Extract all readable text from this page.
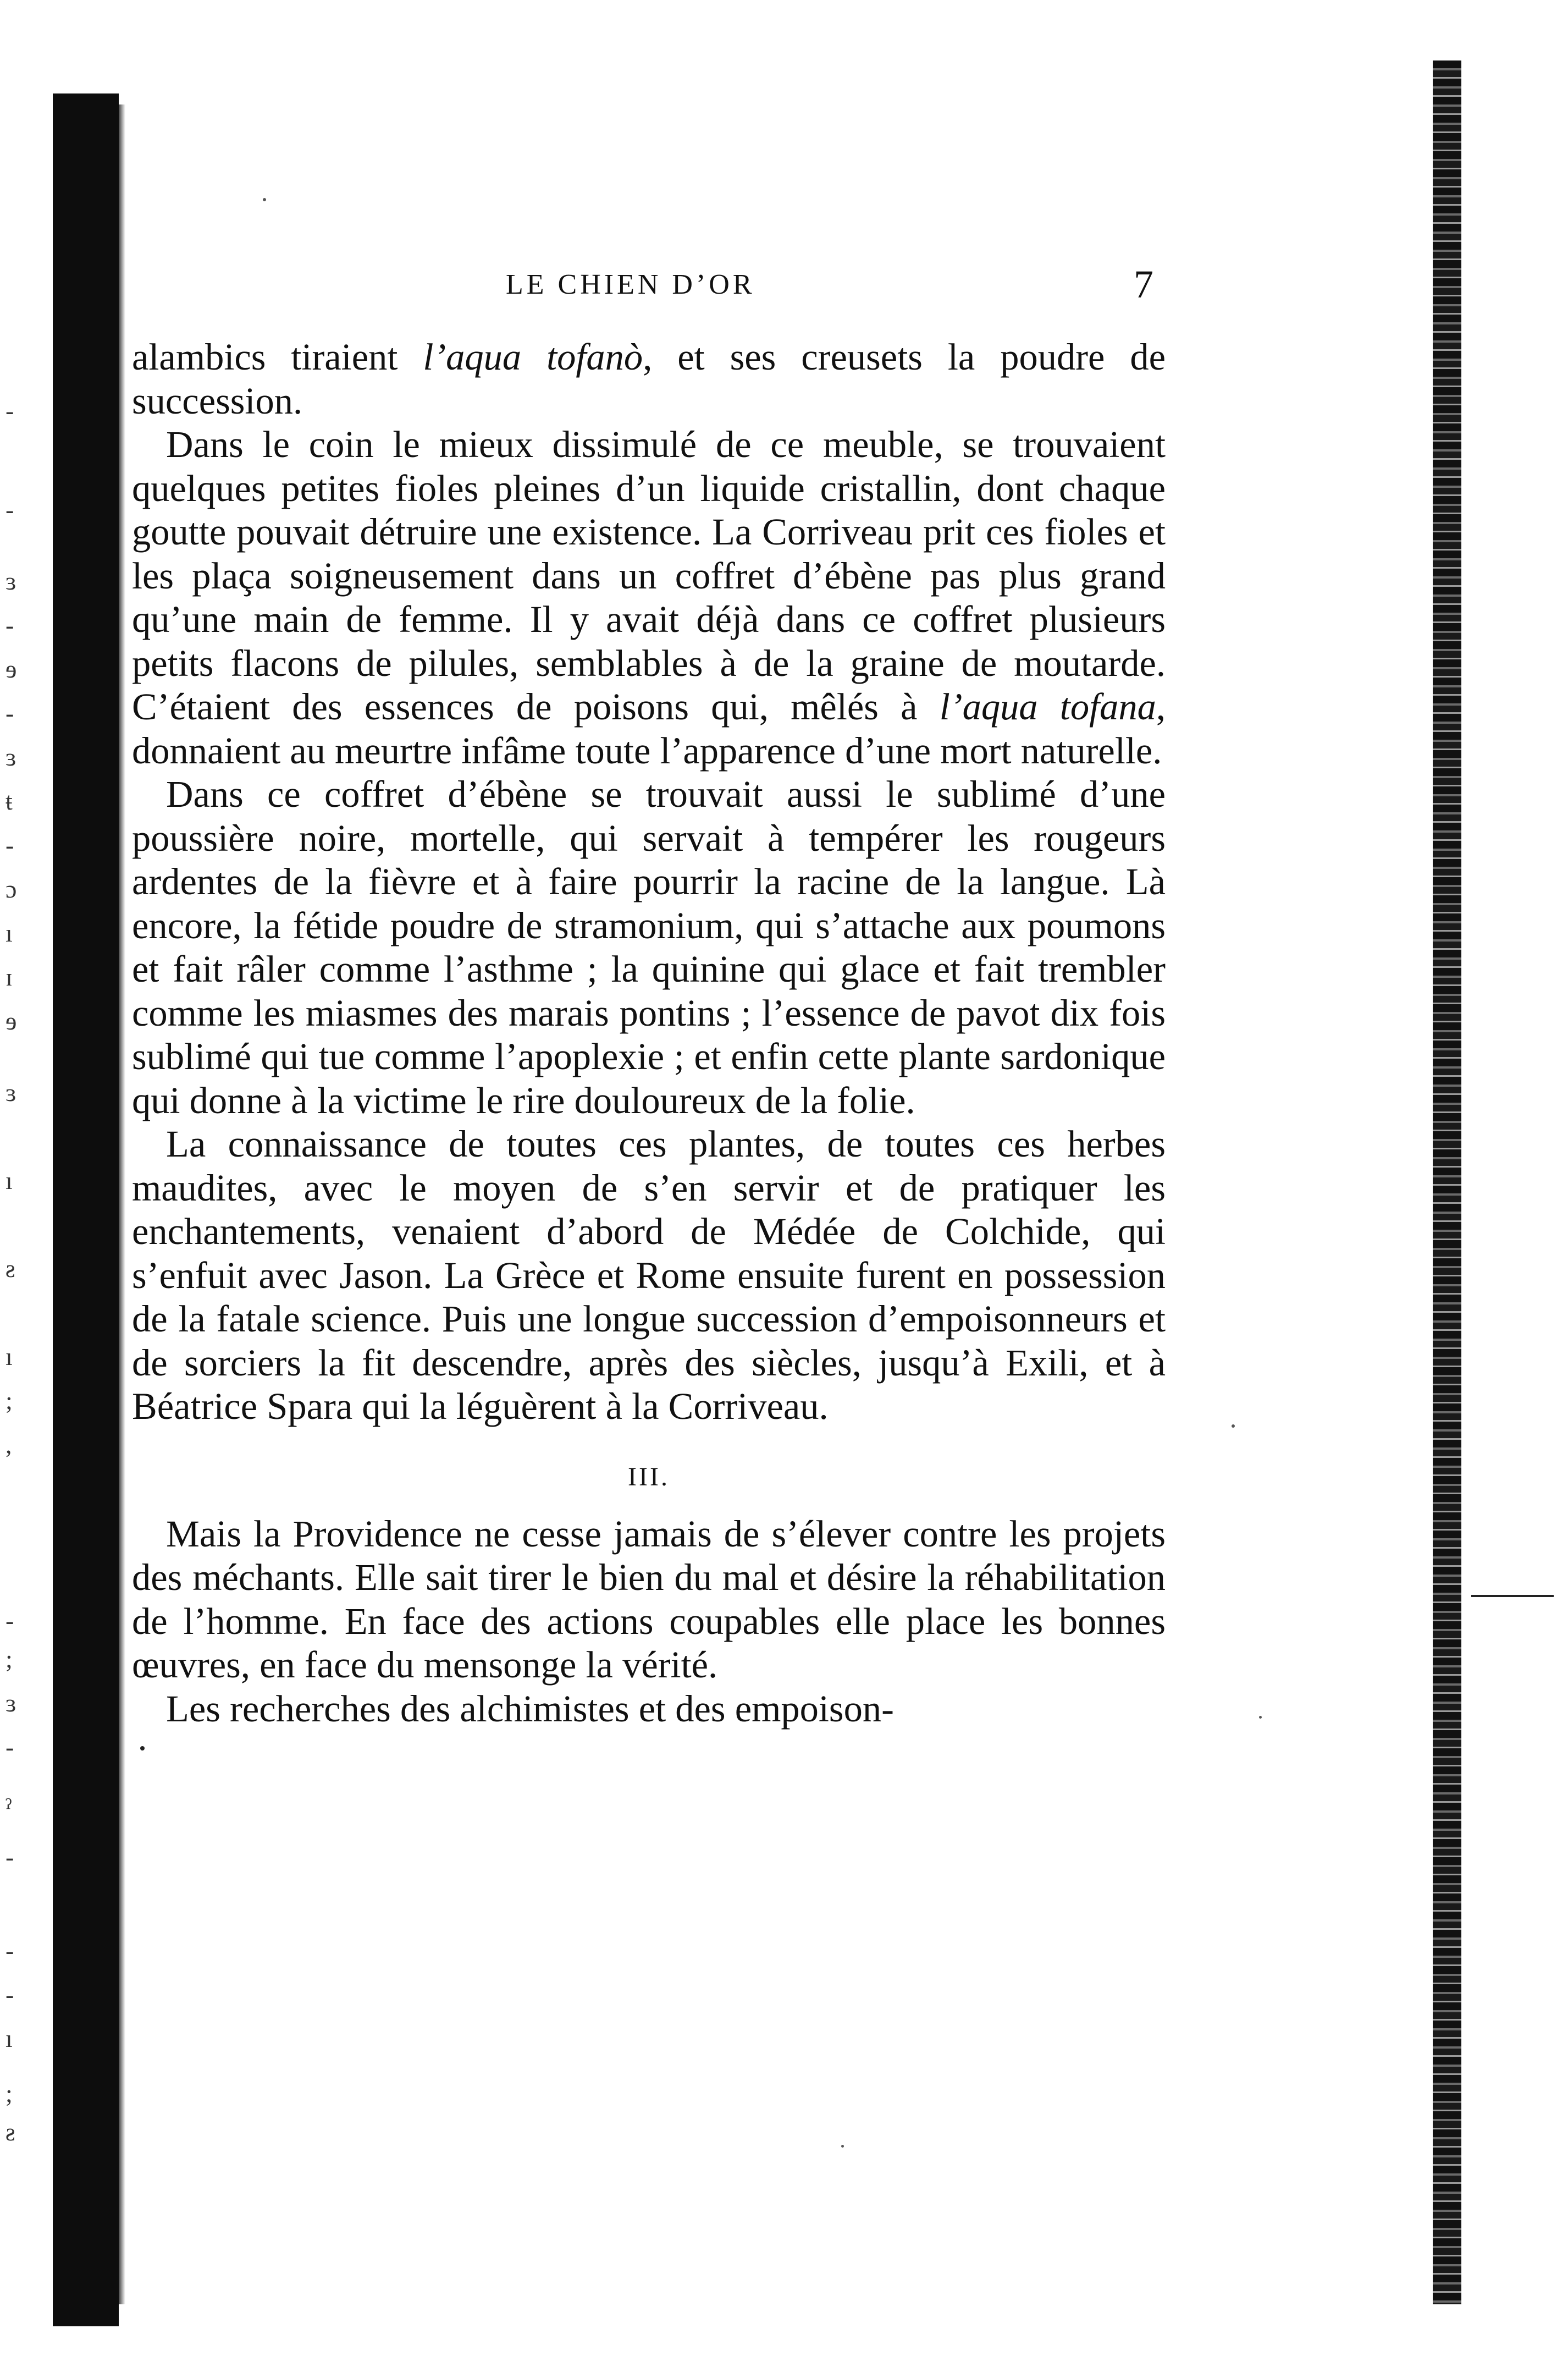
-
-
ɜ
-
ɘ
-
ɜ
ŧ
-
ɔ
ı
ɪ
ɘ
ɜ
ı
ƨ
ı
;
,
-
;
ɜ
-
ˀ
-
-
-
ı
;
ƨ
LE CHIEN D’OR	7

alambics tiraient l’aqua tofanò, et ses creusets la poudre de succession.

Dans le coin le mieux dissimulé de ce meuble, se trouvaient quelques petites fioles pleines d’un liquide cristallin, dont chaque goutte pouvait détruire une existence. La Corriveau prit ces fioles et les plaça soigneusement dans un coffret d’ébène pas plus grand qu’une main de femme. Il y avait déjà dans ce coffret plusieurs petits flacons de pilules, semblables à de la graine de moutarde. C’étaient des essences de poisons qui, mêlés à l’aqua tofana, donnaient au meurtre infâme toute l’apparence d’une mort naturelle.

Dans ce coffret d’ébène se trouvait aussi le sublimé d’une poussière noire, mortelle, qui servait à tempérer les rougeurs ardentes de la fièvre et à faire pourrir la racine de la langue. Là encore, la fétide poudre de stramonium, qui s’attache aux poumons et fait râler comme l’asthme ; la quinine qui glace et fait trembler comme les miasmes des marais pontins ; l’essence de pavot dix fois sublimé qui tue comme l’apoplexie ; et enfin cette plante sardonique qui donne à la victime le rire douloureux de la folie.

La connaissance de toutes ces plantes, de toutes ces herbes maudites, avec le moyen de s’en servir et de pratiquer les enchantements, venaient d’abord de Médée de Colchide, qui s’enfuit avec Jason. La Grèce et Rome ensuite furent en possession de la fatale science. Puis une longue succession d’empoisonneurs et de sorciers la fit descendre, après des siècles, jusqu’à Exili, et à Béatrice Spara qui la léguèrent à la Corriveau.

III.

Mais la Providence ne cesse jamais de s’élever contre les projets des méchants. Elle sait tirer le bien du mal et désire la réhabilitation de l’homme. En face des actions coupables elle place les bonnes œuvres, en face du mensonge la vérité.

Les recherches des alchimistes et des empoison-
